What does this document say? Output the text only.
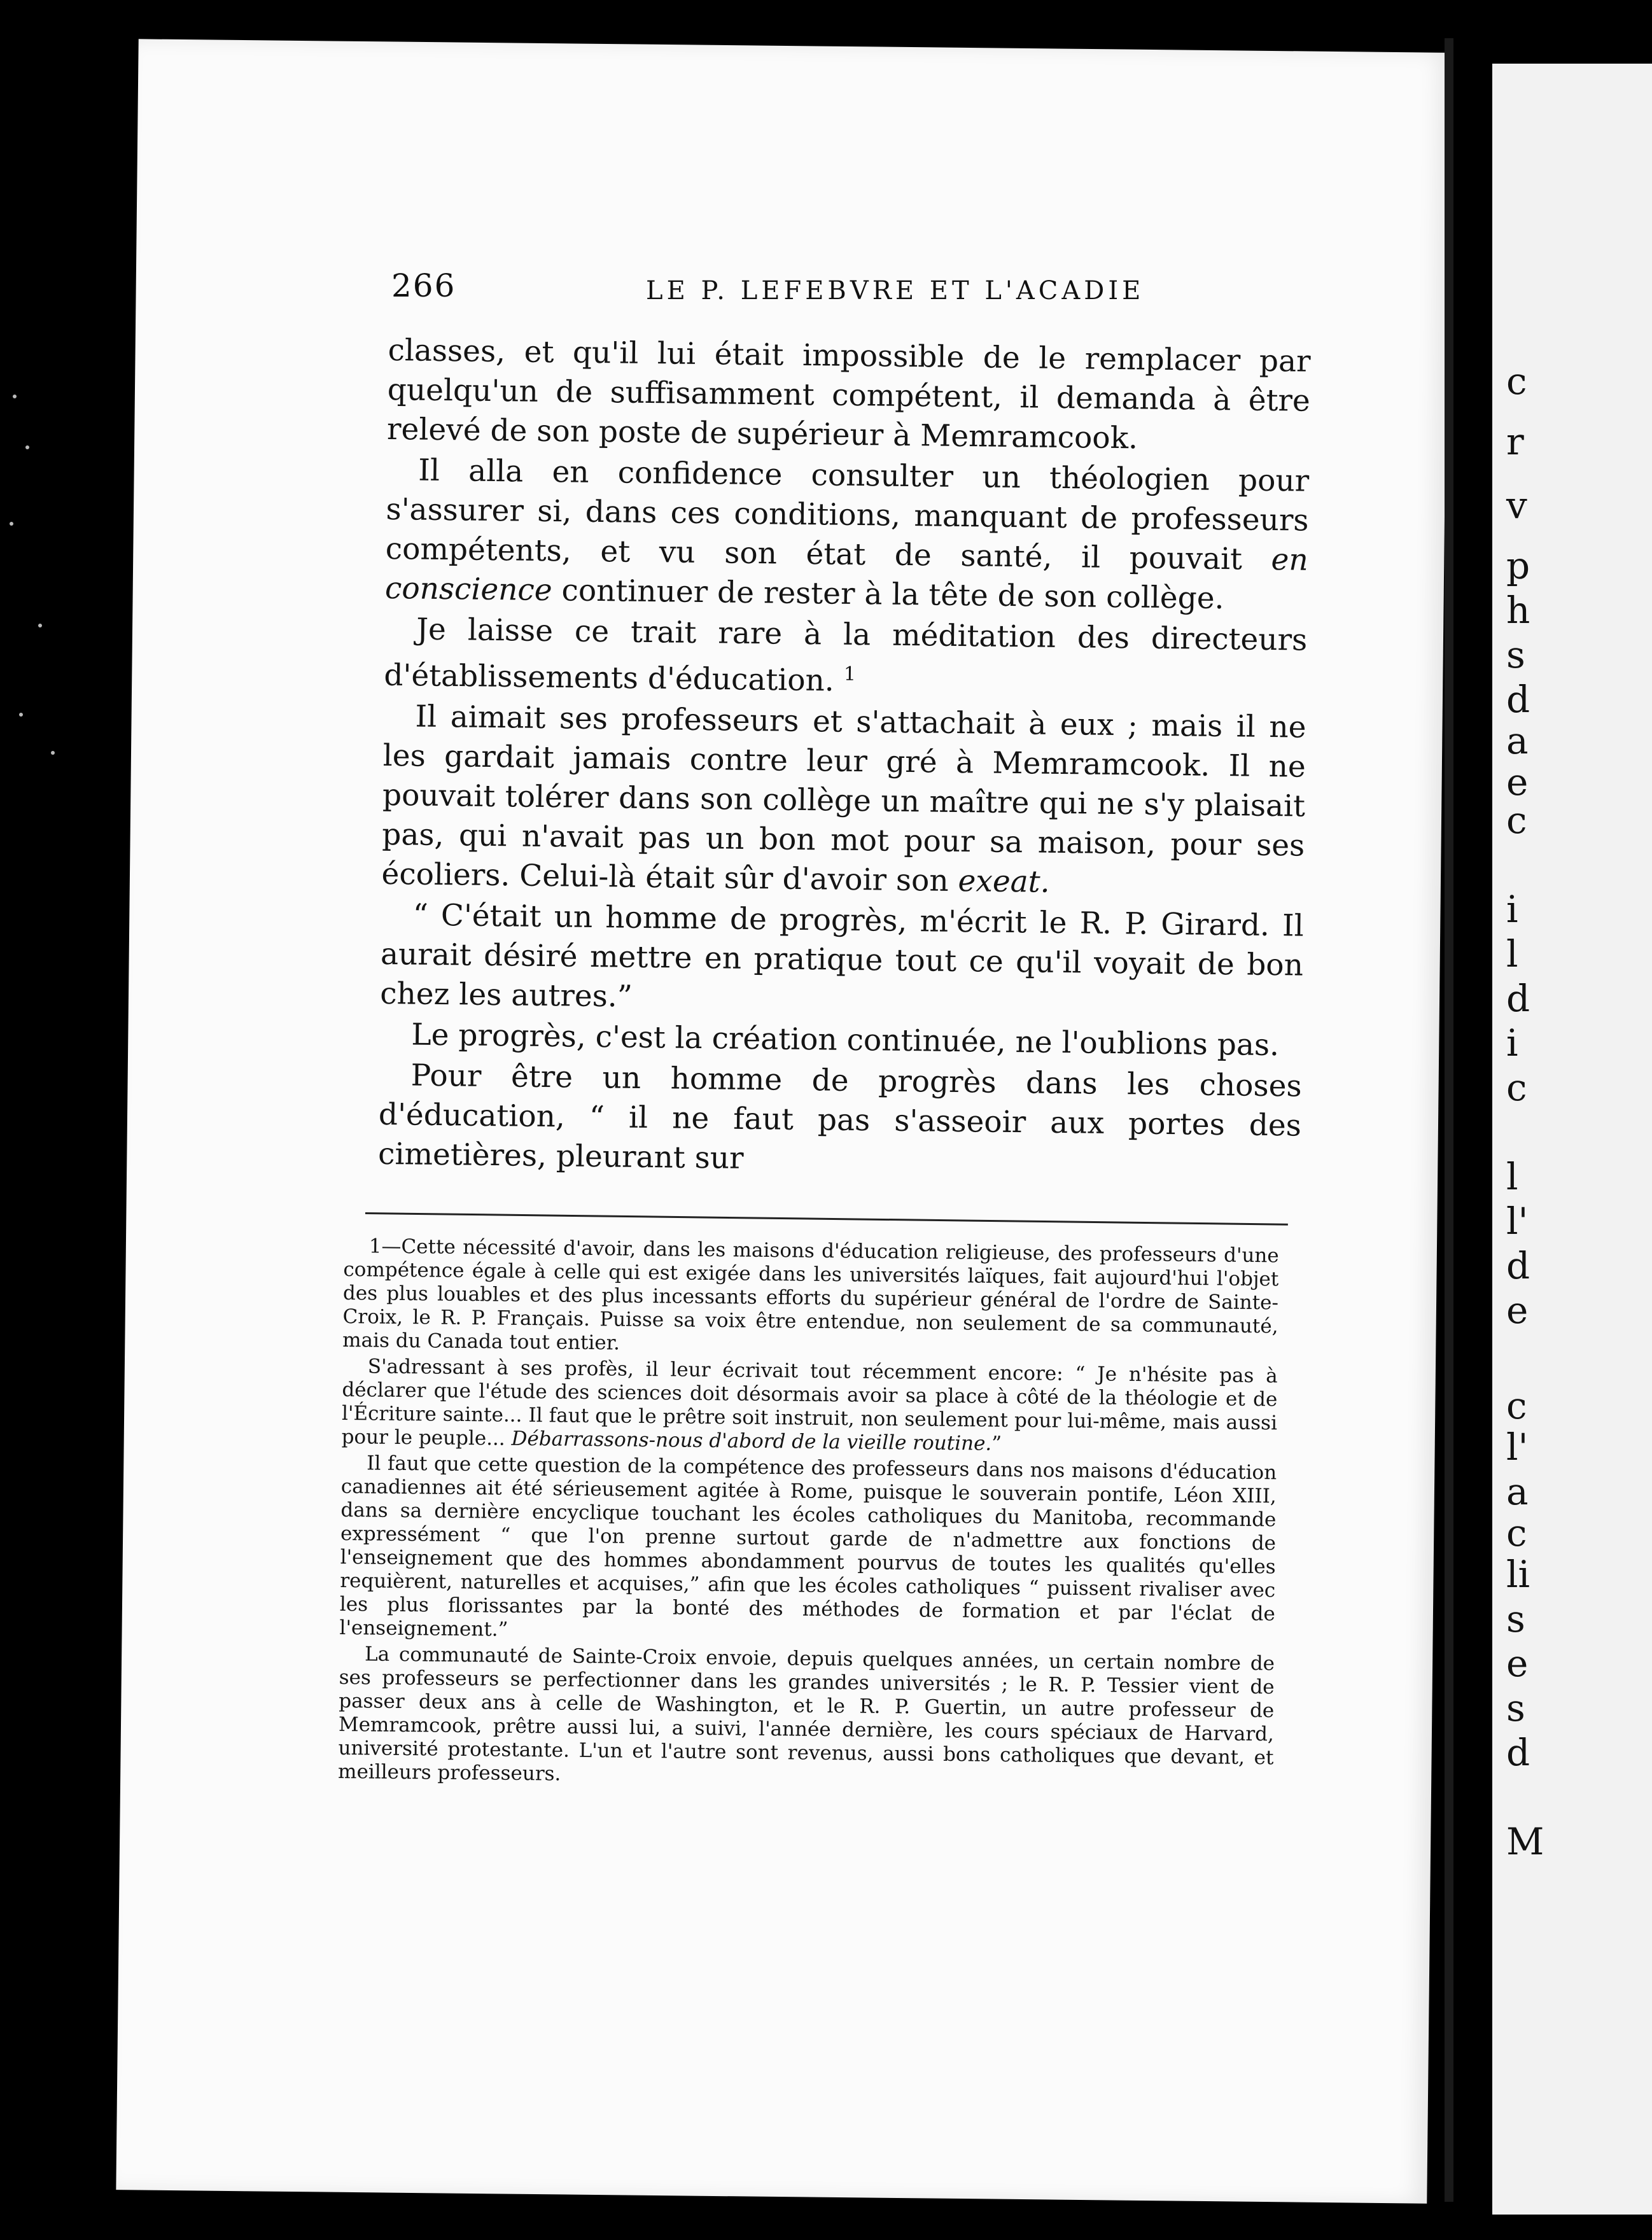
c
r
v
p
h
s
d
a
e
c
i
l
d
i
c
l
l'
d
e
c
l'
a
c
li
s
e
s
d
M
266	LE P. LEFEBVRE ET L'ACADIE

classes, et qu'il lui était impossible de le remplacer par quelqu'un de suffisamment compétent, il demanda à être relevé de son poste de supérieur à Memramcook.

Il alla en confidence consulter un théologien pour s'assurer si, dans ces conditions, manquant de professeurs compétents, et vu son état de santé, il pouvait en conscience continuer de rester à la tête de son collège.

Je laisse ce trait rare à la méditation des directeurs d'établissements d'éducation. $^1$

Il aimait ses professeurs et s'attachait à eux ; mais il ne les gardait jamais contre leur gré à Memramcook. Il ne pouvait tolérer dans son collège un maître qui ne s'y plaisait pas, qui n'avait pas un bon mot pour sa maison, pour ses écoliers. Celui-là était sûr d'avoir son exeat.

“ C'était un homme de progrès, m'écrit le R. P. Girard. Il aurait désiré mettre en pratique tout ce qu'il voyait de bon chez les autres.”

Le progrès, c'est la création continuée, ne l'oublions pas.

Pour être un homme de progrès dans les choses d'éducation, “ il ne faut pas s'asseoir aux portes des cimetières, pleurant sur

1—Cette nécessité d'avoir, dans les maisons d'éducation religieuse, des professeurs d'une compétence égale à celle qui est exigée dans les universités laïques, fait aujourd'hui l'objet des plus louables et des plus incessants efforts du supérieur général de l'ordre de Sainte-Croix, le R. P. Français. Puisse sa voix être entendue, non seulement de sa communauté, mais du Canada tout entier.

S'adressant à ses profès, il leur écrivait tout récemment encore: “ Je n'hésite pas à déclarer que l'étude des sciences doit désormais avoir sa place à côté de la théologie et de l'Écriture sainte... Il faut que le prêtre soit instruit, non seulement pour lui-même, mais aussi pour le peuple... Débarrassons-nous d'abord de la vieille routine.”

Il faut que cette question de la compétence des professeurs dans nos maisons d'éducation canadiennes ait été sérieusement agitée à Rome, puisque le souverain pontife, Léon XIII, dans sa dernière encyclique touchant les écoles catholiques du Manitoba, recommande expressément “ que l'on prenne surtout garde de n'admettre aux fonctions de l'enseignement que des hommes abondamment pourvus de toutes les qualités qu'elles requièrent, naturelles et acquises,” afin que les écoles catholiques “ puissent rivaliser avec les plus florissantes par la bonté des méthodes de formation et par l'éclat de l'enseignement.”

La communauté de Sainte-Croix envoie, depuis quelques années, un certain nombre de ses professeurs se perfectionner dans les grandes universités ; le R. P. Tessier vient de passer deux ans à celle de Washington, et le R. P. Guertin, un autre professeur de Memramcook, prêtre aussi lui, a suivi, l'année dernière, les cours spéciaux de Harvard, université protestante. L'un et l'autre sont revenus, aussi bons catholiques que devant, et meilleurs professeurs.
